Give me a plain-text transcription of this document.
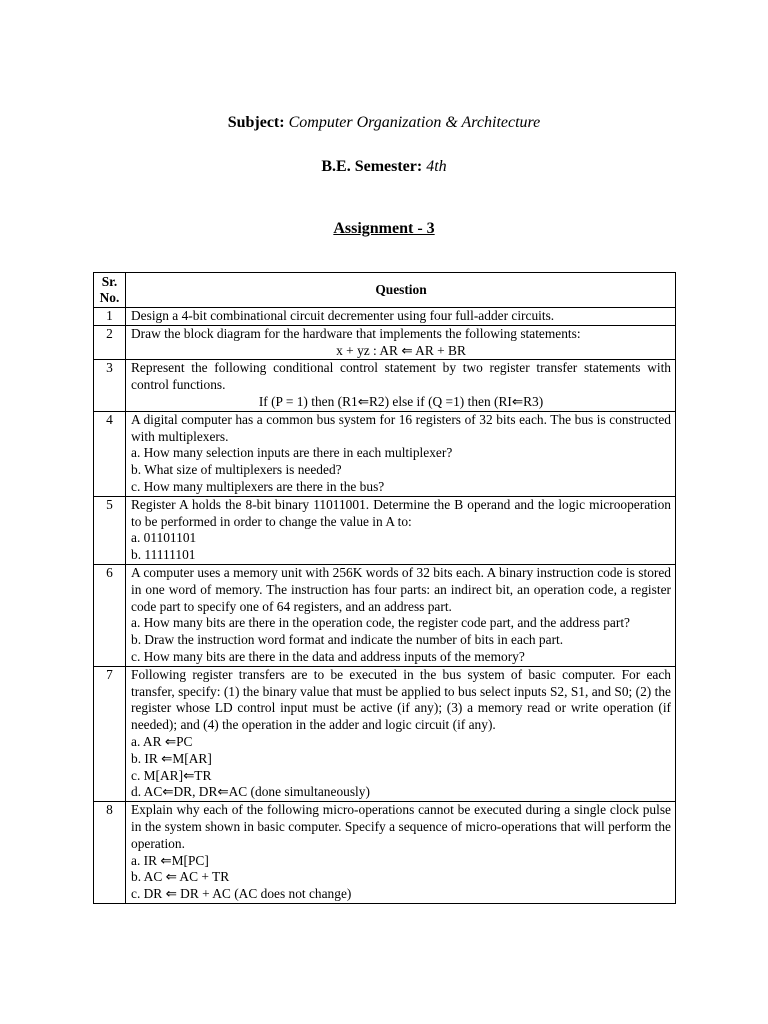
Subject: Computer Organization & Architecture
B.E. Semester: 4th
Assignment - 3
Sr. No.	Question
1	Design a 4-bit combinational circuit decrementer using four full-adder circuits.

2	Draw the block diagram for the hardware that implements the following statements:
x + yz : AR ⇐ AR + BR

3	Represent the following conditional control statement by two register transfer statements with control functions.
If (P = 1) then (R1⇐R2) else if (Q =1) then (RI⇐R3)

4	A digital computer has a common bus system for 16 registers of 32 bits each. The bus is constructed with multiplexers.
a. How many selection inputs are there in each multiplexer?
b. What size of multiplexers is needed?
c. How many multiplexers are there in the bus?

5	Register A holds the 8-bit binary 11011001. Determine the B operand and the logic microoperation to be performed in order to change the value in A to:
a. 01101101
b. 11111101

6	A computer uses a memory unit with 256K words of 32 bits each. A binary instruction code is stored in one word of memory. The instruction has four parts: an indirect bit, an operation code, a register code part to specify one of 64 registers, and an address part.
a. How many bits are there in the operation code, the register code part, and the address part?
b. Draw the instruction word format and indicate the number of bits in each part.
c. How many bits are there in the data and address inputs of the memory?

7	Following register transfers are to be executed in the bus system of basic computer. For each transfer, specify: (1) the binary value that must be applied to bus select inputs S2, S1, and S0; (2) the register whose LD control input must be active (if any); (3) a memory read or write operation (if needed); and (4) the operation in the adder and logic circuit (if any).
a. AR ⇐PC
b. IR ⇐M[AR]
c. M[AR]⇐TR
d. AC⇐DR, DR⇐AC (done simultaneously)

8	Explain why each of the following micro-operations cannot be executed during a single clock pulse in the system shown in basic computer. Specify a sequence of micro-operations that will perform the operation.
a. IR ⇐M[PC]
b. AC ⇐ AC + TR
c. DR ⇐ DR + AC (AC does not change)
